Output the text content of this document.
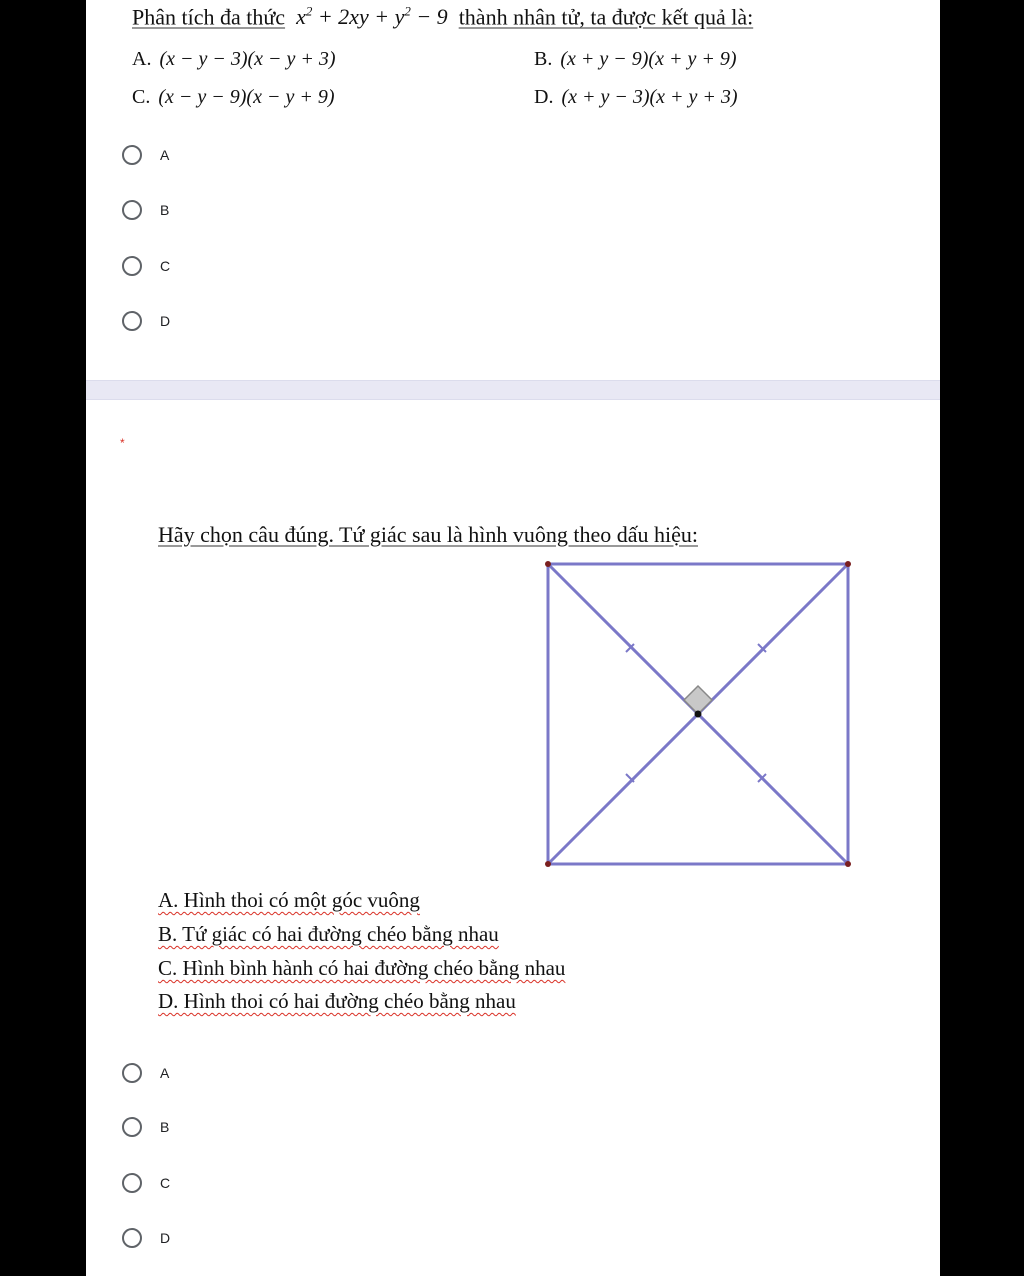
Phân tích đa thức $x^2 + 2xy + y^2 - 9$ thành nhân tử, ta được kết quả là:
A. (x − y − 3)(x − y + 3)	B. (x + y − 9)(x + y + 9)
C. (x − y − 9)(x − y + 9)	D. (x + y − 3)(x + y + 3)
A
B
C
D
*
Hãy chọn câu đúng. Tứ giác sau là hình vuông theo dấu hiệu:
A. Hình thoi có một góc vuông
B. Tứ giác có hai đường chéo bằng nhau
C. Hình bình hành có hai đường chéo bằng nhau
D. Hình thoi có hai đường chéo bằng nhau
A
B
C
D
